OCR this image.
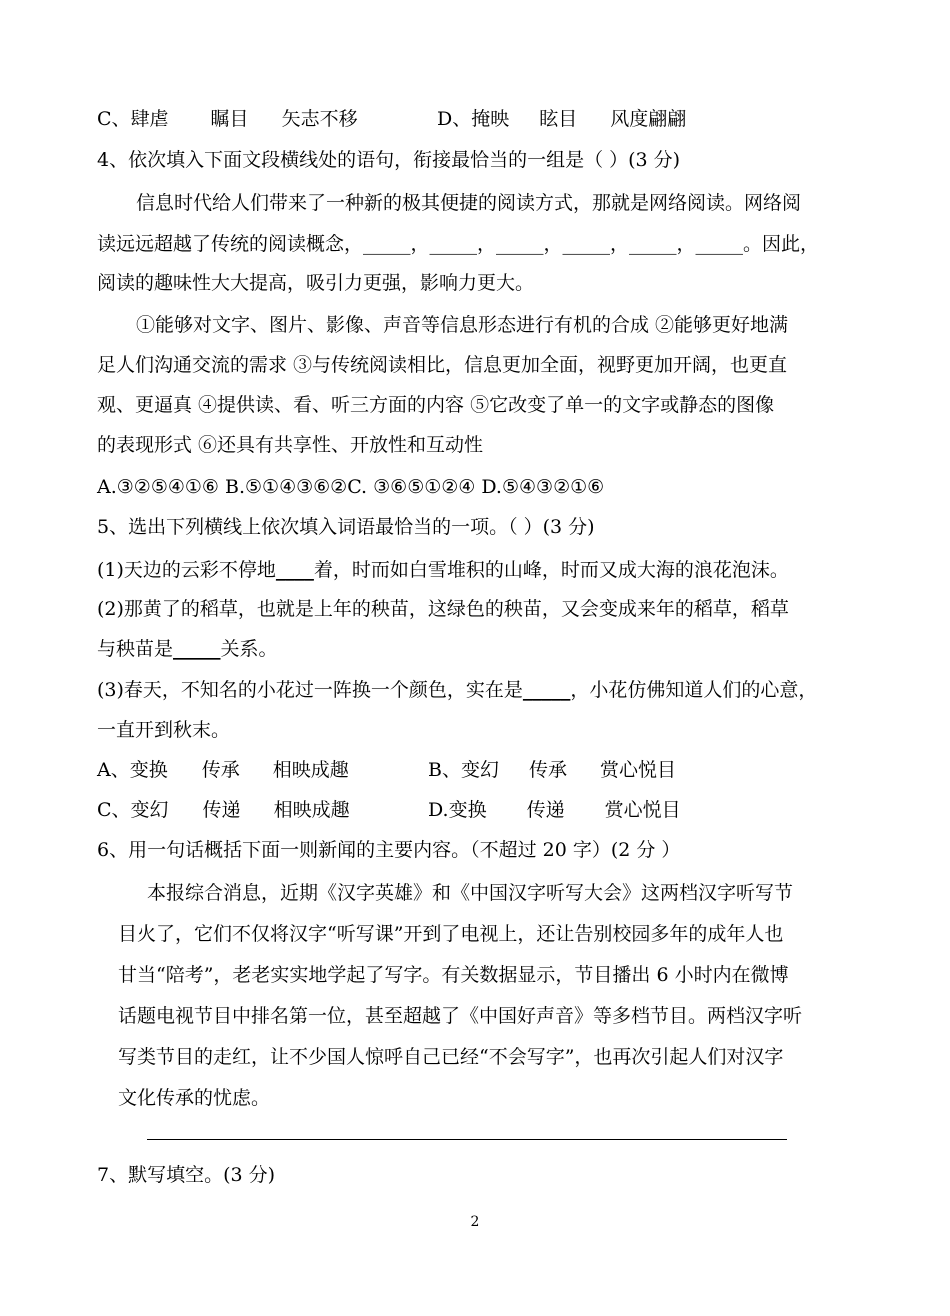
C、肆虐 瞩目 矢志不移	D、掩映 眩目 风度翩翩
4、依次填入下面文段横线处的语句，衔接最恰当的一组是（ ）(3 分)
信息时代给人们带来了一种新的极其便捷的阅读方式，那就是网络阅读。网络阅
读远远超越了传统的阅读概念，_____，_____，_____，_____，_____，_____。因此，
阅读的趣味性大大提高，吸引力更强，影响力更大。
①能够对文字、图片、影像、声音等信息形态进行有机的合成 ②能够更好地满
足人们沟通交流的需求 ③与传统阅读相比，信息更加全面，视野更加开阔，也更直
观、更逼真 ④提供读、看、听三方面的内容 ⑤它改变了单一的文字或静态的图像
的表现形式 ⑥还具有共享性、开放性和互动性
A.③②⑤④①⑥ B.⑤①④③⑥②C. ③⑥⑤①②④ D.⑤④③②①⑥
5、选出下列横线上依次填入词语最恰当的一项。（ ）(3 分)
(1)天边的云彩不停地____着，时而如白雪堆积的山峰，时而又成大海的浪花泡沫。
(2)那黄了的稻草，也就是上年的秧苗，这绿色的秧苗，又会变成来年的稻草，稻草
与秧苗是_____关系。
(3)春天，不知名的小花过一阵换一个颜色，实在是_____，小花仿佛知道人们的心意，
一直开到秋末。
A、变换 传承 相映成趣	B、变幻 传承 赏心悦目
C、变幻 传递 相映成趣	D.变换 传递 赏心悦目
6、用一句话概括下面一则新闻的主要内容。（不超过 20 字）(2 分 ）
本报综合消息，近期《汉字英雄》和《中国汉字听写大会》这两档汉字听写节
目火了，它们不仅将汉字“听写课”开到了电视上，还让告别校园多年的成年人也
甘当“陪考”，老老实实地学起了写字。有关数据显示，节目播出 6 小时内在微博
话题电视节目中排名第一位，甚至超越了《中国好声音》等多档节目。两档汉字听
写类节目的走红，让不少国人惊呼自己已经“不会写字”，也再次引起人们对汉字
文化传承的忧虑。
7、默写填空。(3 分)
2
